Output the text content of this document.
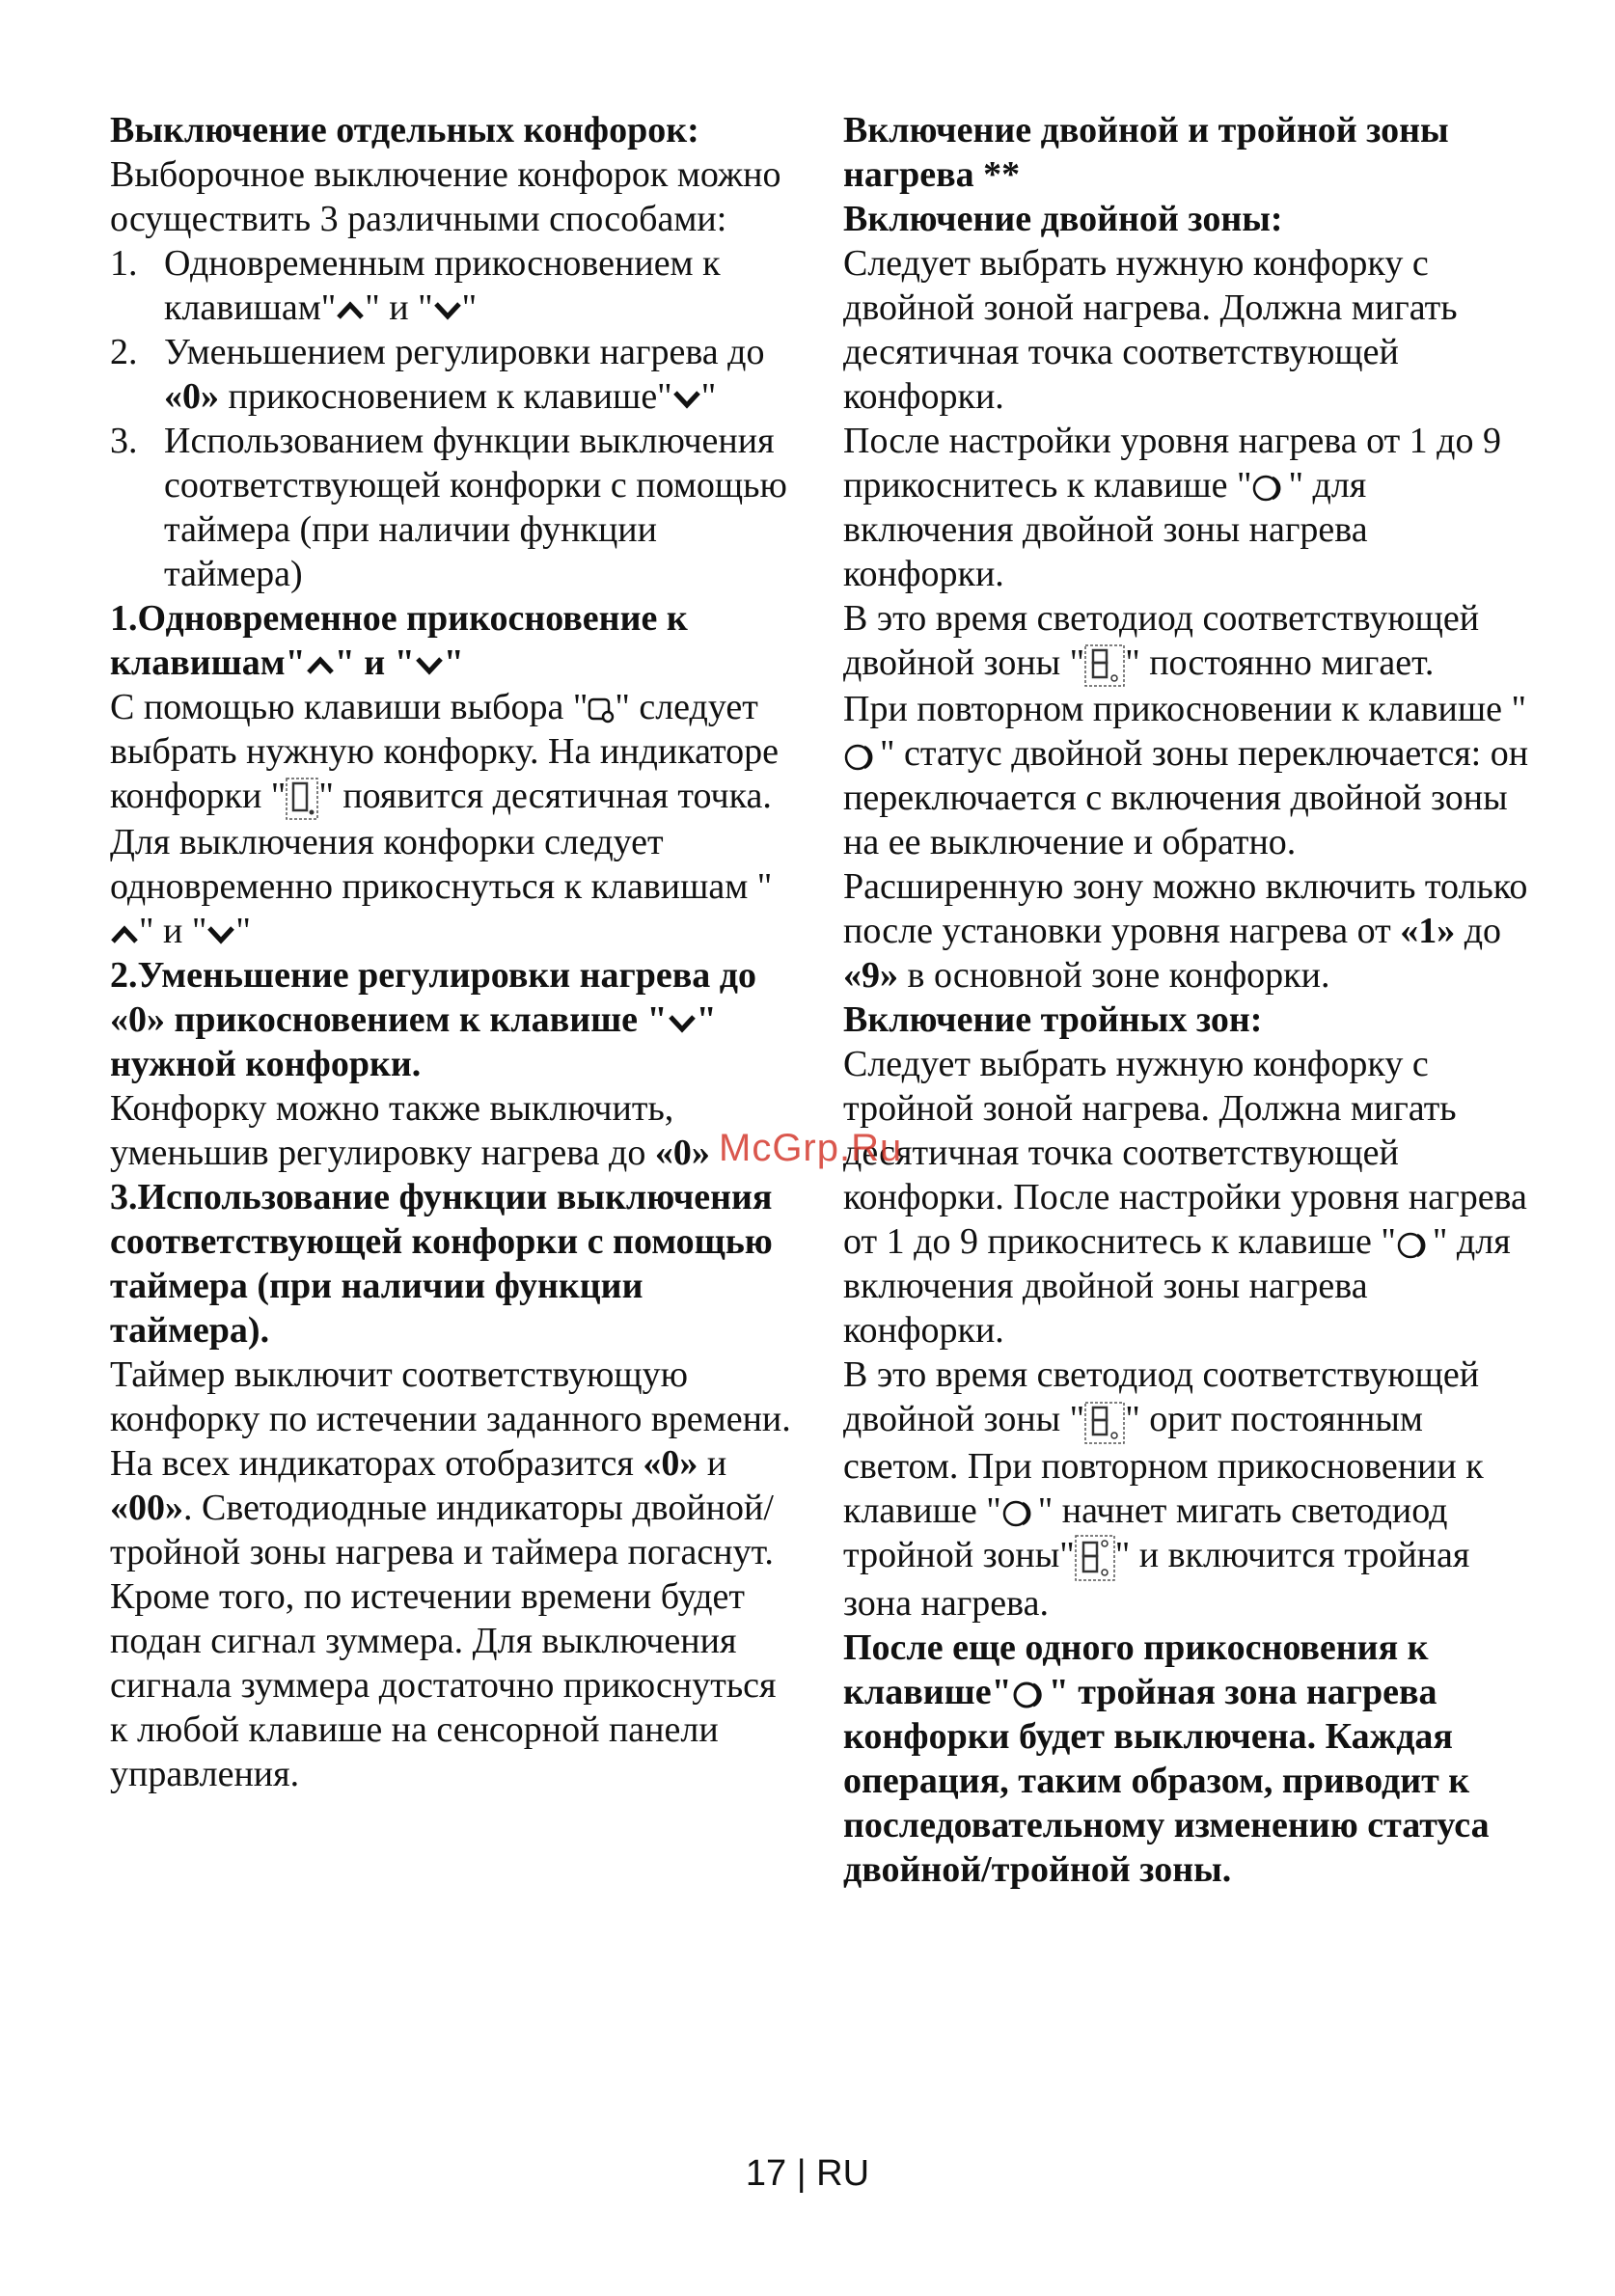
Выключение отдельных конфорок:

Выборочное выключение конфорок можно осуществить 3 различными способами:

1. Одновременным прикосновением к клавишам" " и " "
2. Уменьшением регулировки нагрева до «0» прикосновением к клавише" "
3. Использованием функции выключения соответствующей конфорки с помощью таймера (при наличии функции таймера)

1.Одновременное прикосновение к клавишам" " и " "

С помощью клавиши выбора " " следует выбрать нужную конфорку. На индикаторе конфорки " " появится десятичная точка. Для выключения конфорки следует одновременно прикоснуться к клавишам "
" и " "

2.Уменьшение регулировки нагрева до «0» прикосновением к клавише " " нужной конфорки.

Конфорку можно также выключить, уменьшив регулировку нагрева до «0»

3.Использование функции выключения соответствующей конфорки с помощью таймера (при наличии функции таймера).

Таймер выключит соответствующую конфорку по истечении заданного времени. На всех индикаторах отобразится «0» и «00». Светодиодные индикаторы двойной/тройной зоны нагрева и таймера погаснут.

Кроме того, по истечении времени будет подан сигнал зуммера. Для выключения сигнала зуммера достаточно прикоснуться к любой клавише на сенсорной панели управления.

Включение двойной и тройной зоны нагрева **

Включение двойной зоны:

Следует выбрать нужную конфорку с двойной зоной нагрева. Должна мигать десятичная точка соответствующей конфорки.

После настройки уровня нагрева от 1 до 9 прикоснитесь к клавише " " для включения двойной зоны нагрева конфорки.

В это время светодиод соответствующей двойной зоны " " постоянно мигает.

При повторном прикосновении к клавише "
" статус двойной зоны переключается: он переключается с включения двойной зоны на ее выключение и обратно.

Расширенную зону можно включить только после установки уровня нагрева от «1» до «9» в основной зоне конфорки.

Включение тройных зон:

Следует выбрать нужную конфорку с тройной зоной нагрева. Должна мигать десятичная точка соответствующей конфорки. После настройки уровня нагрева от 1 до 9 прикоснитесь к клавише " " для включения двойной зоны нагрева конфорки.

В это время светодиод соответствующей двойной зоны " " орит постоянным светом. При повторном прикосновении к клавише " " начнет мигать светодиод тройной зоны" " и включится тройная зона нагрева.

После еще одного прикосновения к клавише" " тройная зона нагрева конфорки будет выключена. Каждая операция, таким образом, приводит к последовательному изменению статуса двойной/тройной зоны.

McGrp.Ru
17 | RU
